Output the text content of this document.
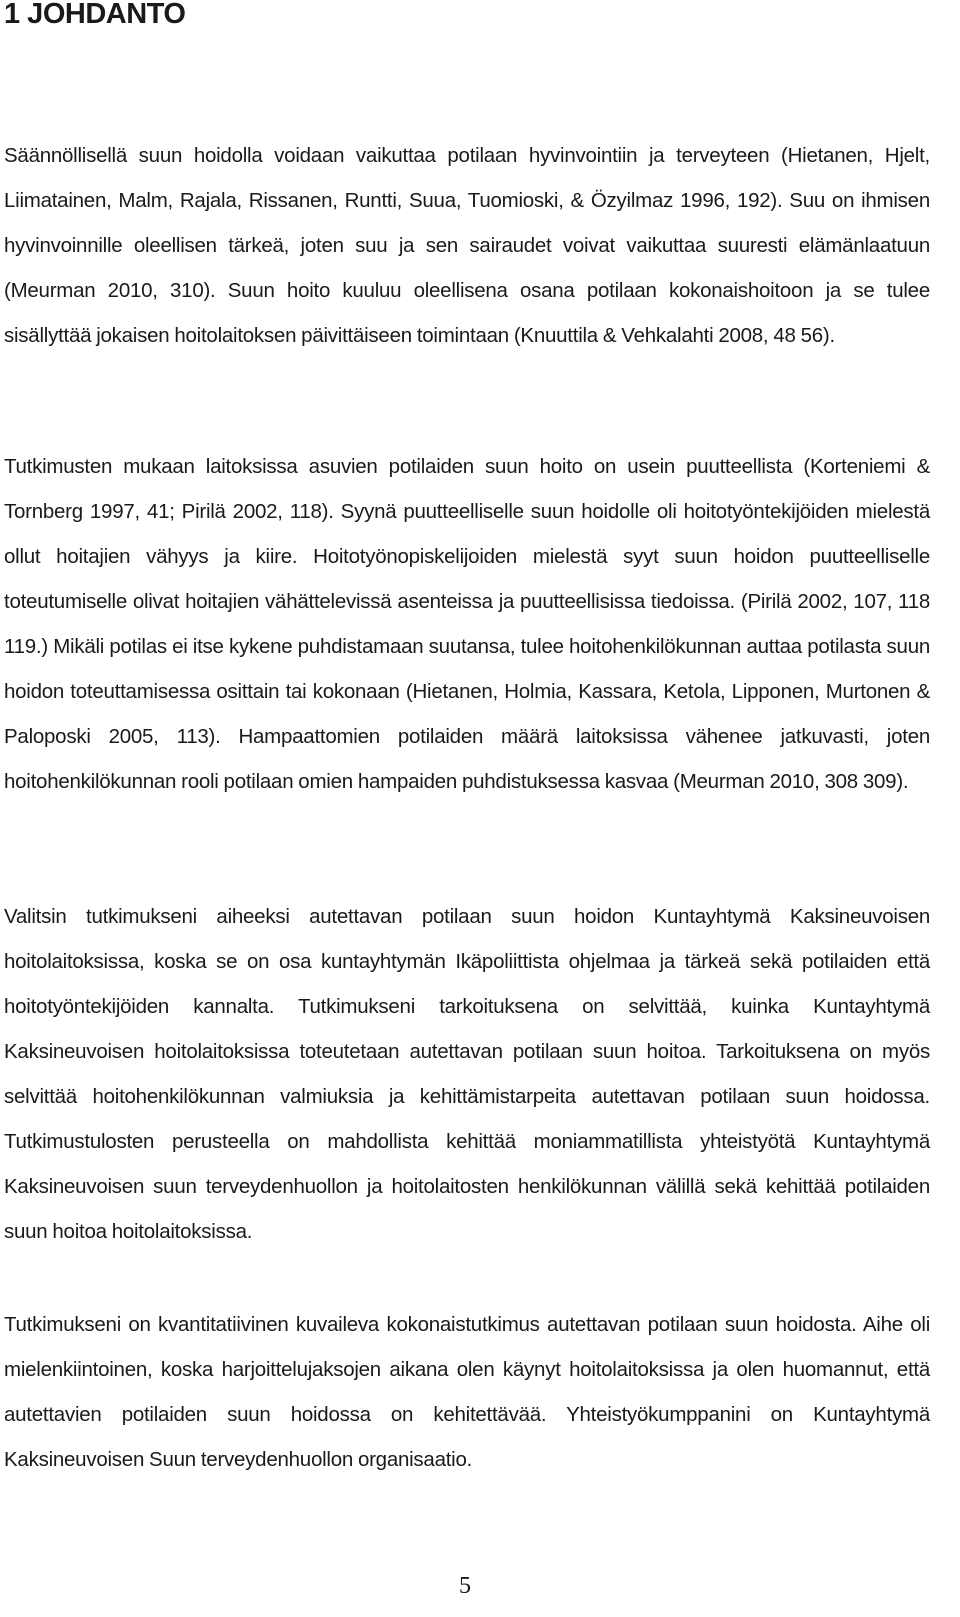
1 JOHDANTO

Säännöllisellä suun hoidolla voidaan vaikuttaa potilaan hyvinvointiin ja terveyteen (Hietanen, Hjelt, Liimatainen, Malm, Rajala, Rissanen, Runtti, Suua, Tuomioski, & Özyilmaz 1996, 192). Suu on ihmisen hyvinvoinnille oleellisen tärkeä, joten suu ja sen sairaudet voivat vaikuttaa suuresti elämänlaatuun (Meurman 2010, 310). Suun hoito kuuluu oleellisena osana potilaan kokonaishoitoon ja se tulee sisällyttää jokaisen hoitolaitoksen päivittäiseen toimintaan (Knuuttila & Vehkalahti 2008, 48 56).

Tutkimusten mukaan laitoksissa asuvien potilaiden suun hoito on usein puutteellista (Korteniemi & Tornberg 1997, 41; Pirilä 2002, 118). Syynä puutteelliselle suun hoidolle oli hoitotyöntekijöiden mielestä ollut hoitajien vähyys ja kiire. Hoitotyönopiskelijoiden mielestä syyt suun hoidon puutteelliselle toteutumiselle olivat hoitajien vähättelevissä asenteissa ja puutteellisissa tiedoissa. (Pirilä 2002, 107, 118 119.) Mikäli potilas ei itse kykene puhdistamaan suutansa, tulee hoitohenkilökunnan auttaa potilasta suun hoidon toteuttamisessa osittain tai kokonaan (Hietanen, Holmia, Kassara, Ketola, Lipponen, Murtonen & Paloposki 2005, 113). Hampaattomien potilaiden määrä laitoksissa vähenee jatkuvasti, joten hoitohenkilökunnan rooli potilaan omien hampaiden puhdistuksessa kasvaa (Meurman 2010, 308 309).

Valitsin tutkimukseni aiheeksi autettavan potilaan suun hoidon Kuntayhtymä Kaksineuvoisen hoitolaitoksissa, koska se on osa kuntayhtymän Ikäpoliittista ohjelmaa ja tärkeä sekä potilaiden että hoitotyöntekijöiden kannalta. Tutkimukseni tarkoituksena on selvittää, kuinka Kuntayhtymä Kaksineuvoisen hoitolaitoksissa toteutetaan autettavan potilaan suun hoitoa. Tarkoituksena on myös selvittää hoitohenkilökunnan valmiuksia ja kehittämistarpeita autettavan potilaan suun hoidossa. Tutkimustulosten perusteella on mahdollista kehittää moniammatillista yhteistyötä Kuntayhtymä Kaksineuvoisen suun terveydenhuollon ja hoitolaitosten henkilökunnan välillä sekä kehittää potilaiden suun hoitoa hoitolaitoksissa.

Tutkimukseni on kvantitatiivinen kuvaileva kokonaistutkimus autettavan potilaan suun hoidosta. Aihe oli mielenkiintoinen, koska harjoittelujaksojen aikana olen käynyt hoitolaitoksissa ja olen huomannut, että autettavien potilaiden suun hoidossa on kehitettävää. Yhteistyökumppanini on Kuntayhtymä Kaksineuvoisen Suun terveydenhuollon organisaatio.

5
